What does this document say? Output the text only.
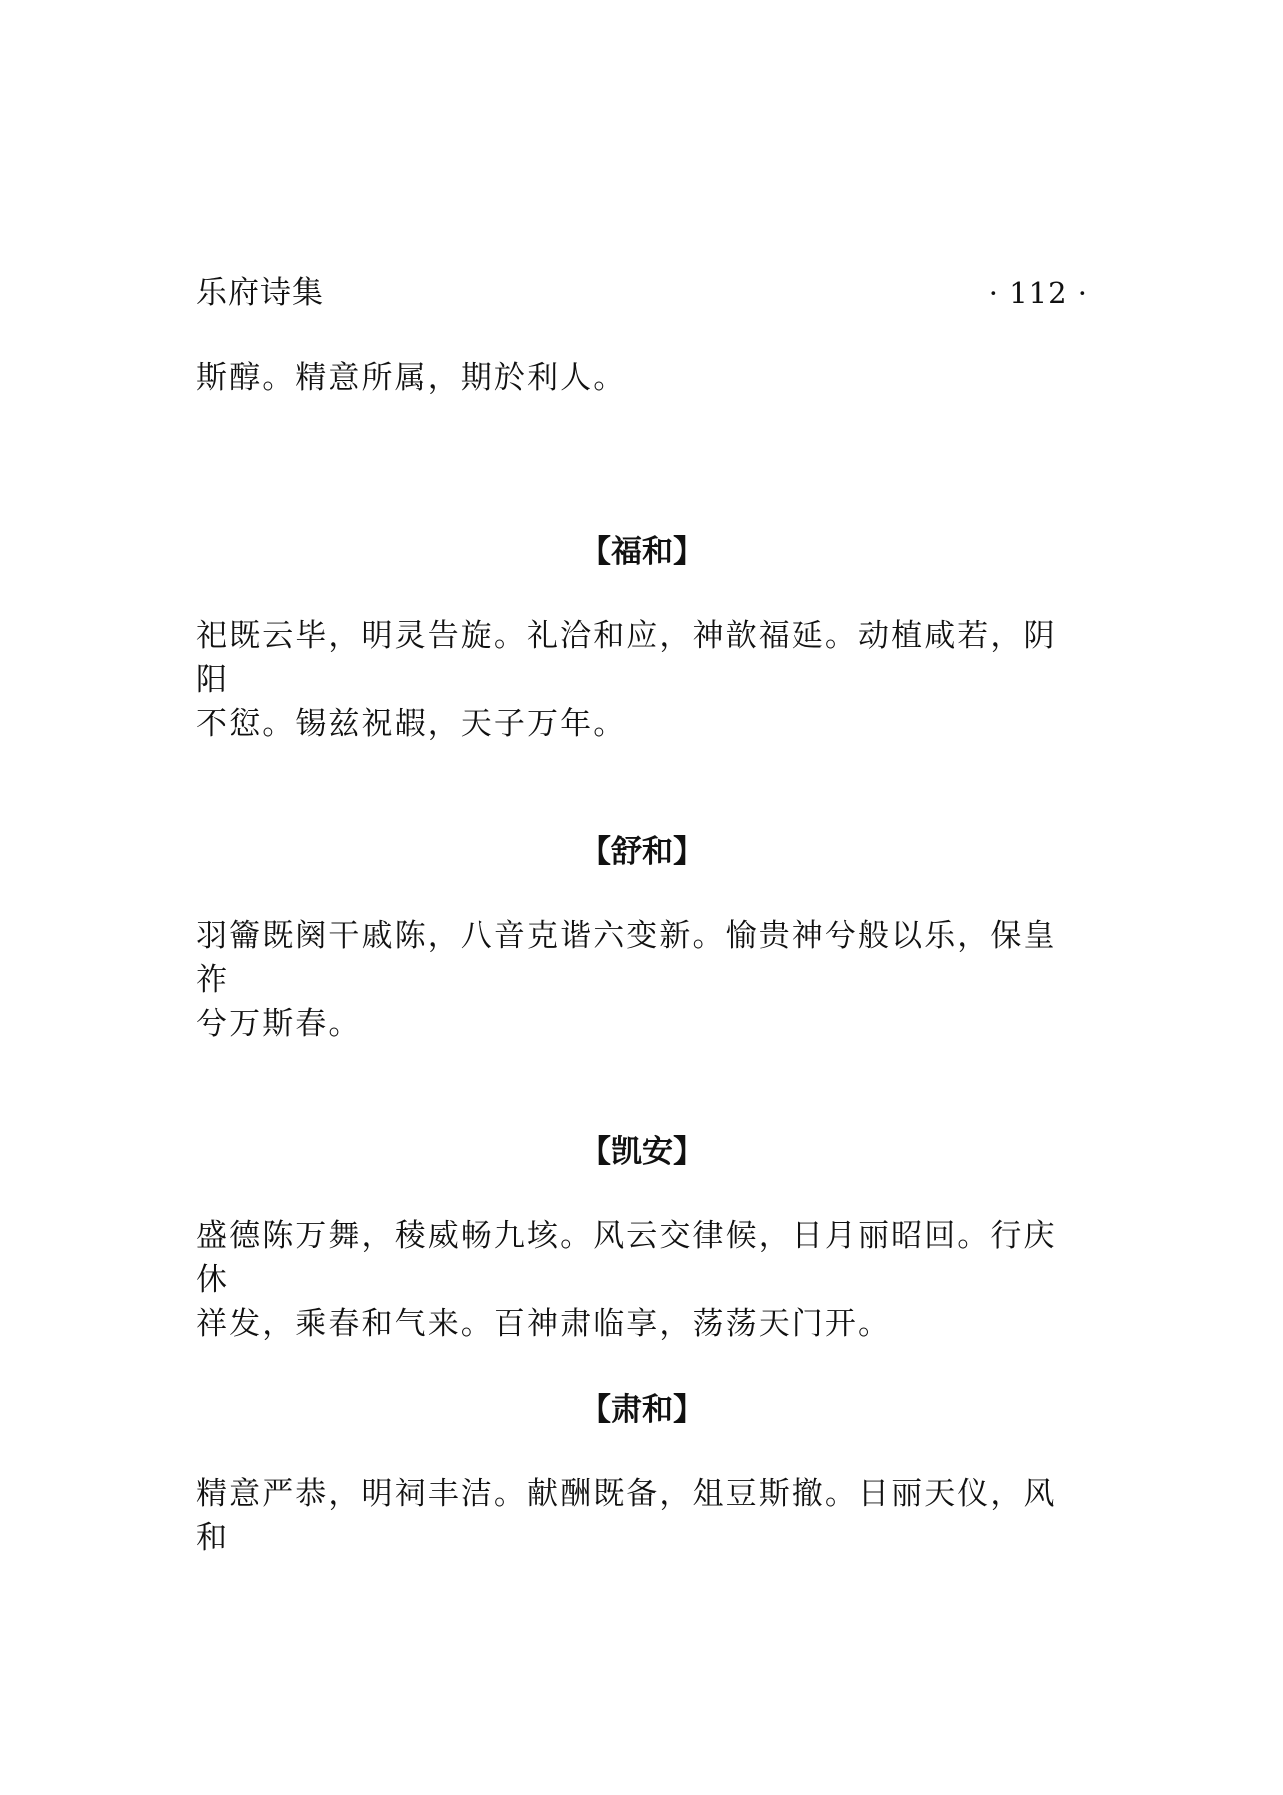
乐府诗集	· 112 ·

斯醇。精意所属，期於利人。

【福和】

祀既云毕，明灵告旋。礼洽和应，神歆福延。动植咸若，阴阳
不愆。锡兹祝嘏，天子万年。

【舒和】

羽籥既阕干戚陈，八音克谐六变新。愉贵神兮般以乐，保皇祚
兮万斯春。

【凯安】

盛德陈万舞，稜威畅九垓。风云交律候，日月丽昭回。行庆休
祥发，乘春和气来。百神肃临享，荡荡天门开。

【肃和】

精意严恭，明祠丰洁。献酬既备，俎豆斯撤。日丽天仪，风和
